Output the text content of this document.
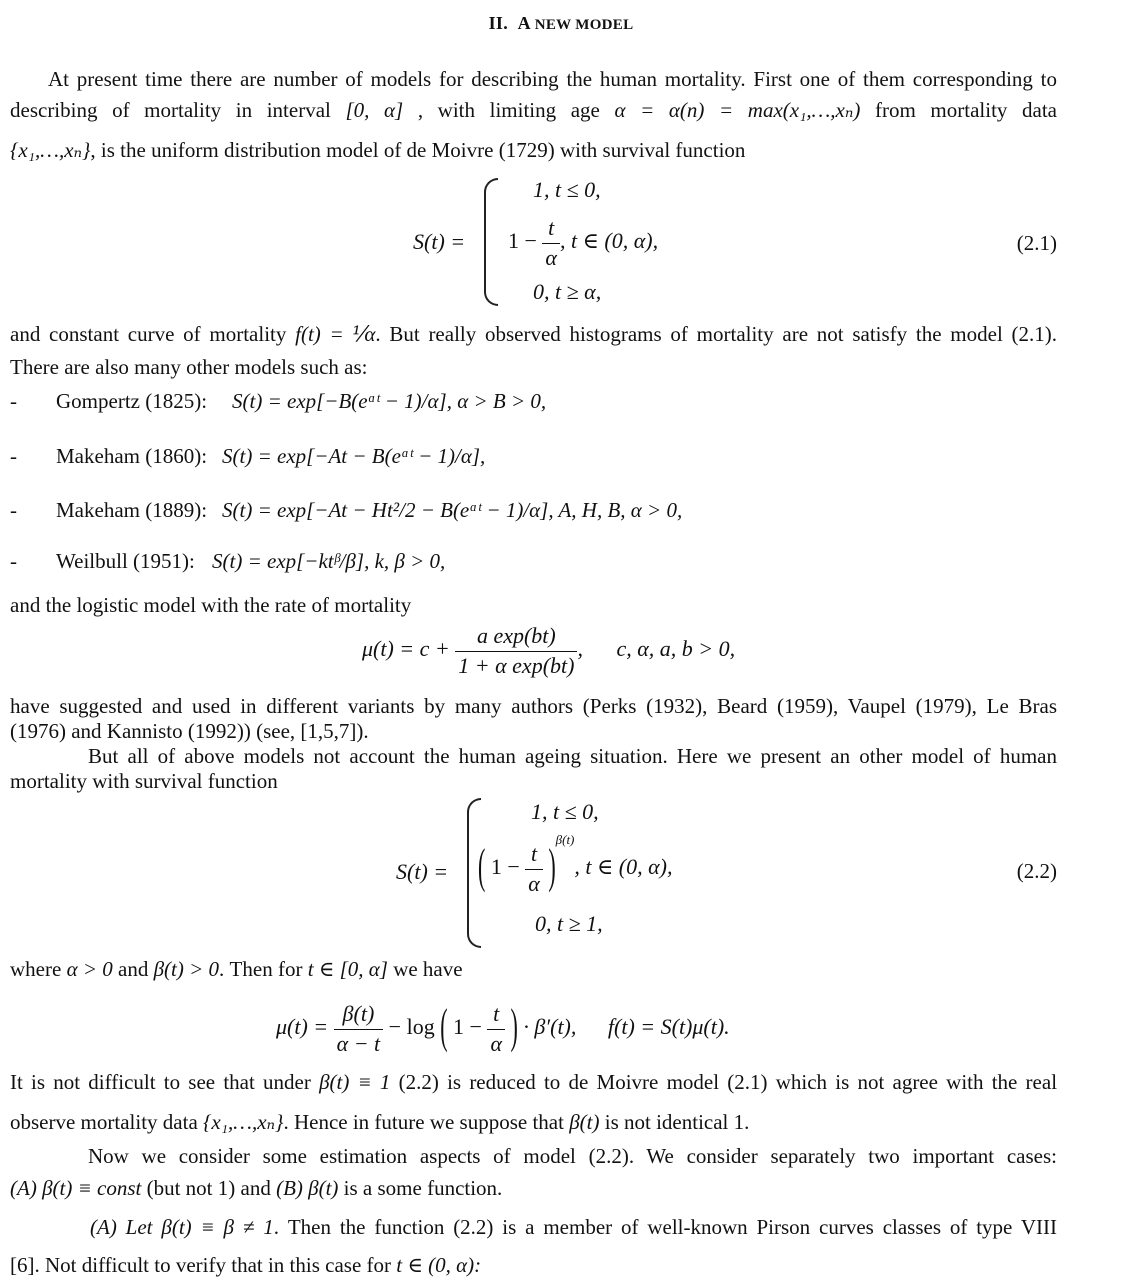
II. A NEW MODEL
At present time there are number of models for describing the human mortality. First one of them corresponding to
describing of mortality in interval [0, α] , with limiting age α = α(n) = max(x₁,…,xₙ) from mortality data
{x₁,…,xₙ}, is the uniform distribution model of de Moivre (1729) with survival function
S(t) =
1, t ≤ 0,
$1 - \frac{t}{\alpha}$ , t ∈ (0, α),
0, t ≥ α,
(2.1)
and constant curve of mortality f(t) = ⅟α. But really observed histograms of mortality are not satisfy the model (2.1).
There are also many other models such as:
- Gompertz (1825): S(t) = exp[−B(eᵅᵗ − 1)/α], α > B > 0,
- Makeham (1860): S(t) = exp[−At − B(eᵅᵗ − 1)/α],
- Makeham (1889): S(t) = exp[−At − Ht²/2 − B(eᵅᵗ − 1)/α], A, H, B, α > 0,
- Weilbull (1951): S(t) = exp[−ktᵝ/β], k, β > 0,
and the logistic model with the rate of mortality
$\mu(t) = c + \frac{\text{a exp(bt)}}{\text{1 + α exp(bt)}}$ , c, α, a, b > 0,
have suggested and used in different variants by many authors (Perks (1932), Beard (1959), Vaupel (1979), Le Bras
(1976) and Kannisto (1992)) (see, [1,5,7]).
But all of above models not account the human ageing situation. Here we present an other model of human
mortality with survival function
S(t) =
1, t ≤ 0,
( $1 - \frac{t}{\alpha} )^{\beta(t)}$, t ∈ (0, α),
0, t ≥ 1,
(2.2)
where α > 0 and β(t) > 0. Then for t ∈ [0, α] we have
$\mu(t) = \frac{\beta(t)}{\alpha - t} - \log$ ( $1 - \frac{t}{\alpha}$ ) · β′(t), f(t) = S(t)μ(t).
It is not difficult to see that under β(t) ≡ 1 (2.2) is reduced to de Moivre model (2.1) which is not agree with the real
observe mortality data {x₁,…,xₙ}. Hence in future we suppose that β(t) is not identical 1.
Now we consider some estimation aspects of model (2.2). We consider separately two important cases:
(A) β(t) ≡ const (but not 1) and (B) β(t) is a some function.
(A) Let β(t) ≡ β ≠ 1. Then the function (2.2) is a member of well-known Pirson curves classes of type VIII
[6]. Not difficult to verify that in this case for t ∈ (0, α):
